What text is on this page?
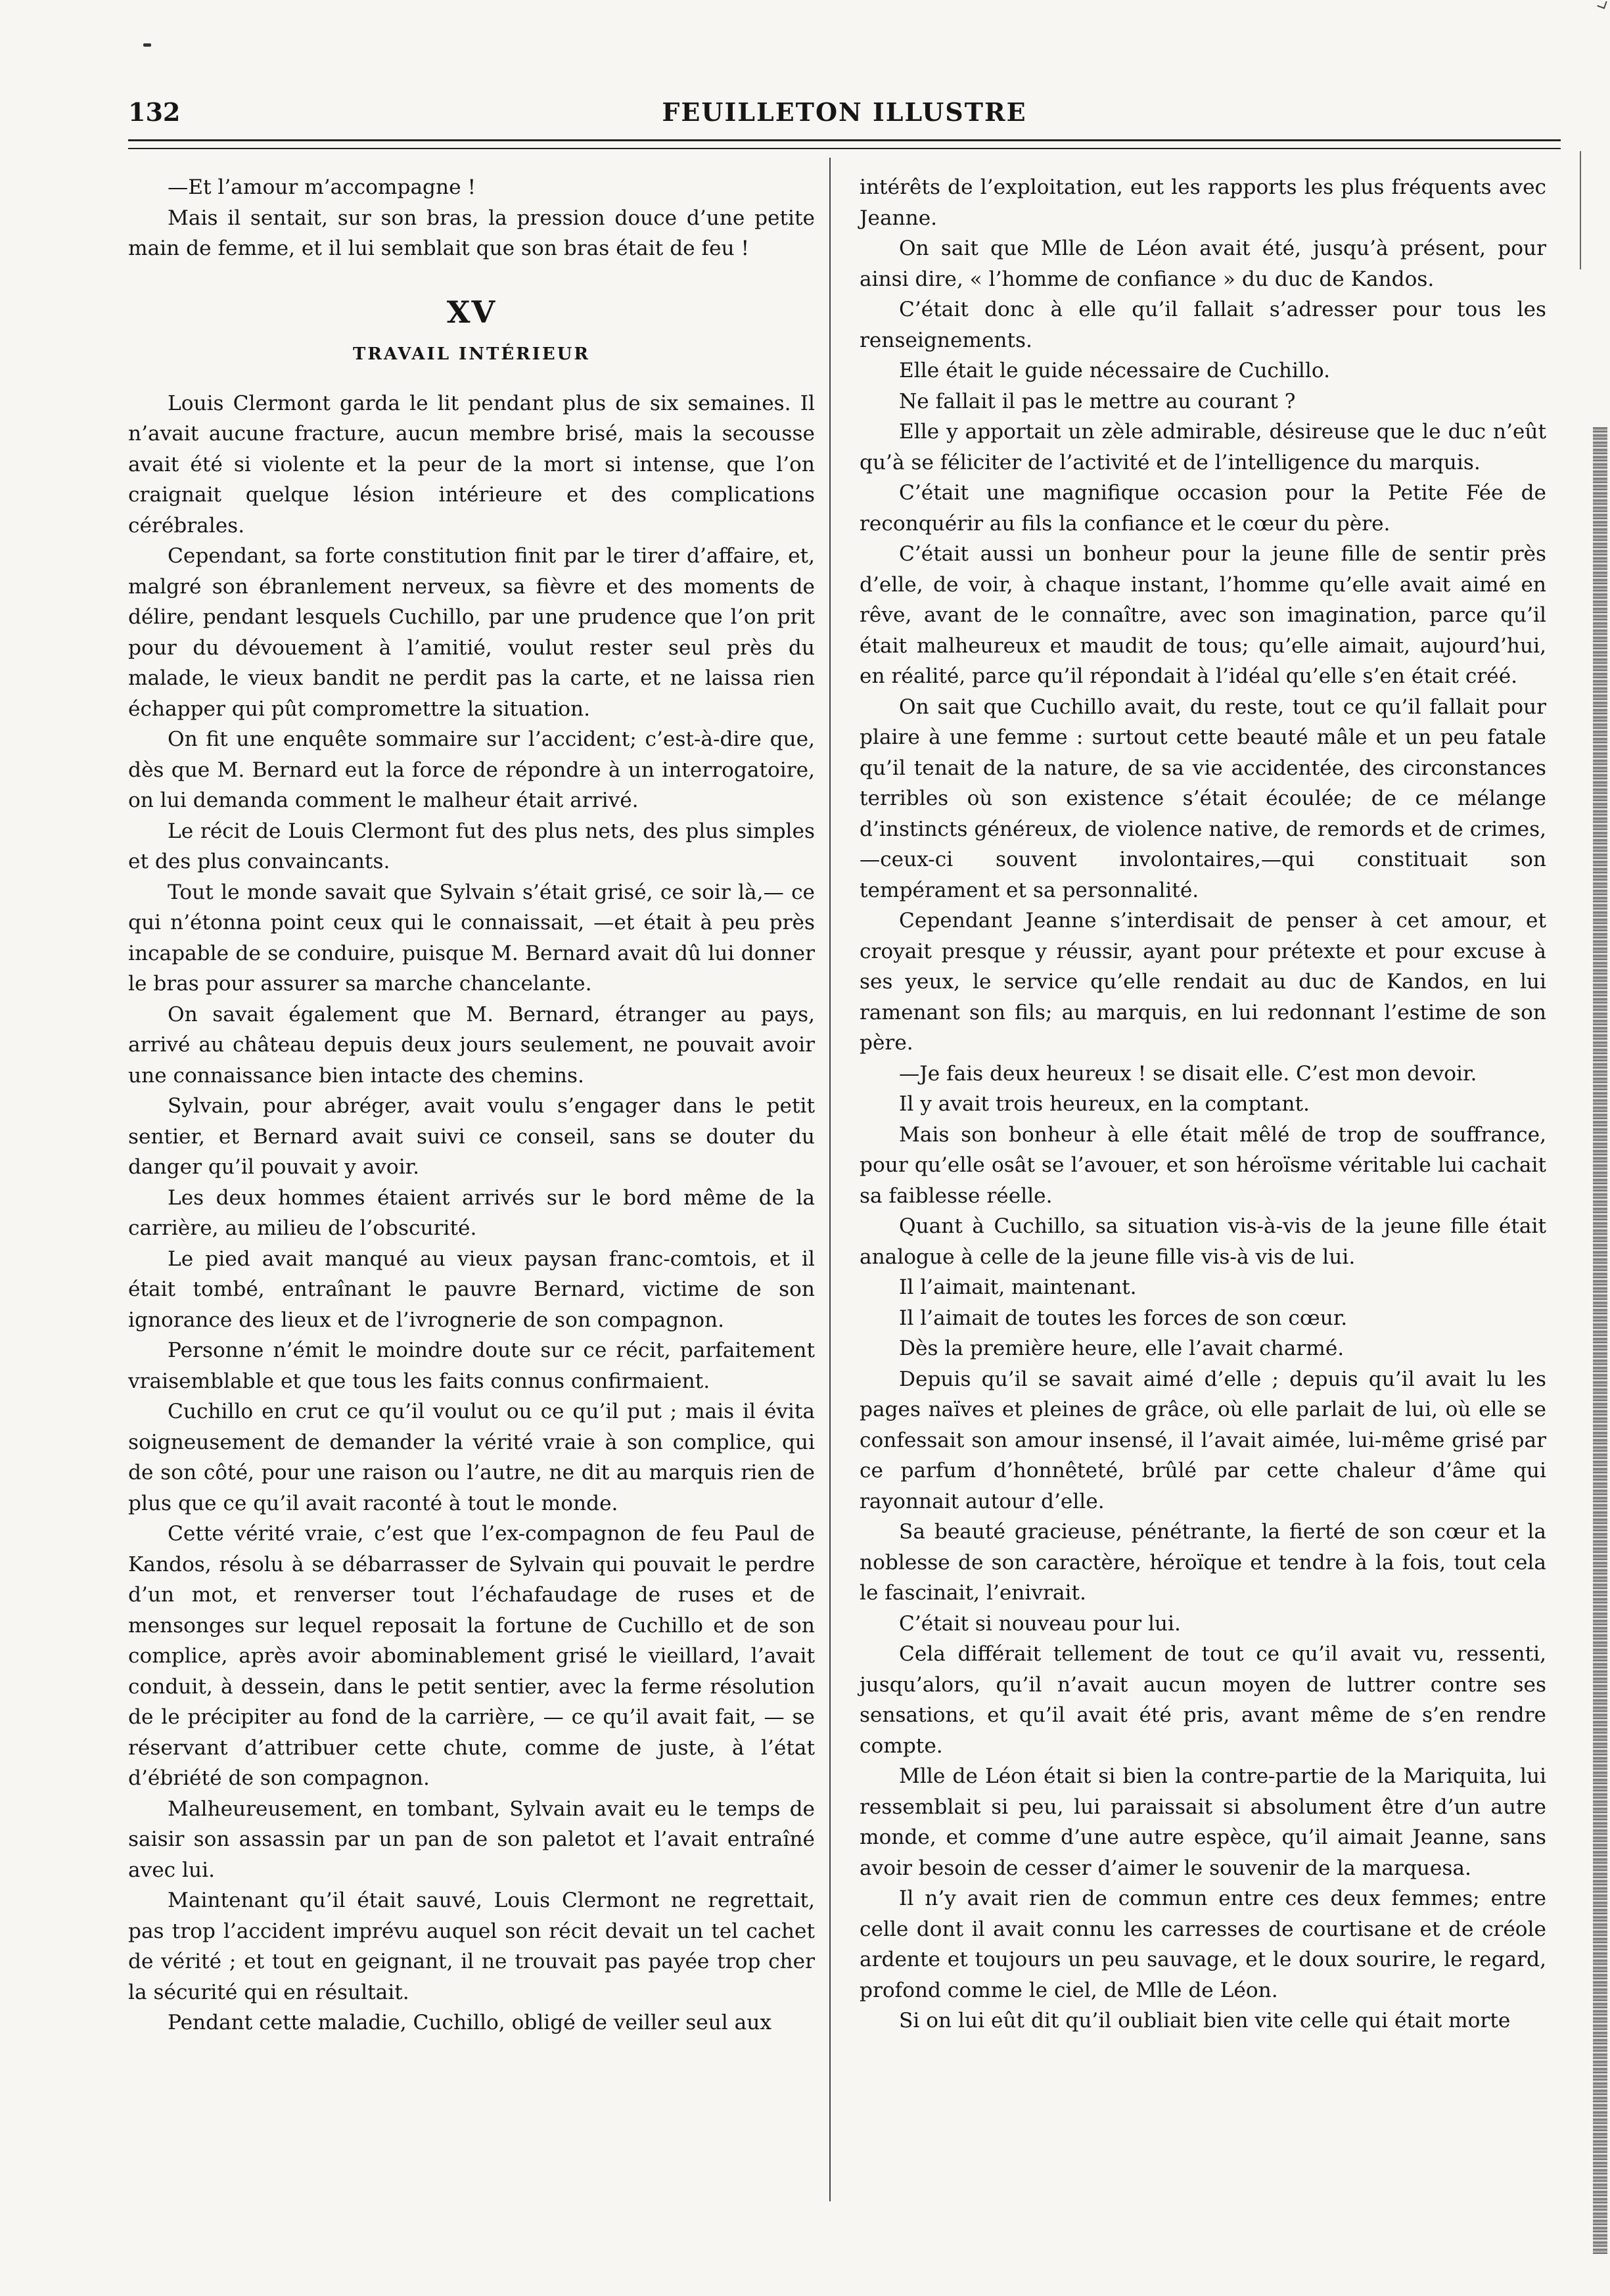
132	FEUILLETON ILLUSTRE

—Et l’amour m’accompagne !

Mais il sentait, sur son bras, la pression douce d’une petite main de femme, et il lui semblait que son bras était de feu !

XV
TRAVAIL INTÉRIEUR

Louis Clermont garda le lit pendant plus de six semaines. Il n’avait aucune fracture, aucun membre brisé, mais la secousse avait été si violente et la peur de la mort si intense, que l’on craignait quelque lésion intérieure et des complications cérébrales.

Cependant, sa forte constitution finit par le tirer d’affaire, et, malgré son ébranlement nerveux, sa fièvre et des moments de délire, pendant lesquels Cuchillo, par une prudence que l’on prit pour du dévouement à l’amitié, voulut rester seul près du malade, le vieux bandit ne perdit pas la carte, et ne laissa rien échapper qui pût compromettre la situation.

On fit une enquête sommaire sur l’accident; c’est-à-dire que, dès que M. Bernard eut la force de répondre à un interrogatoire, on lui demanda comment le malheur était arrivé.

Le récit de Louis Clermont fut des plus nets, des plus simples et des plus convaincants.

Tout le monde savait que Sylvain s’était grisé, ce soir là,— ce qui n’étonna point ceux qui le connaissait, —et était à peu près incapable de se conduire, puisque M. Bernard avait dû lui donner le bras pour assurer sa marche chancelante.

On savait également que M. Bernard, étranger au pays, arrivé au château depuis deux jours seulement, ne pouvait avoir une connaissance bien intacte des chemins.

Sylvain, pour abréger, avait voulu s’engager dans le petit sentier, et Bernard avait suivi ce conseil, sans se douter du danger qu’il pouvait y avoir.

Les deux hommes étaient arrivés sur le bord même de la carrière, au milieu de l’obscurité.

Le pied avait manqué au vieux paysan franc-comtois, et il était tombé, entraînant le pauvre Bernard, victime de son ignorance des lieux et de l’ivrognerie de son compagnon.

Personne n’émit le moindre doute sur ce récit, parfaitement vraisemblable et que tous les faits connus confirmaient.

Cuchillo en crut ce qu’il voulut ou ce qu’il put ; mais il évita soigneusement de demander la vérité vraie à son complice, qui de son côté, pour une raison ou l’autre, ne dit au marquis rien de plus que ce qu’il avait raconté à tout le monde.

Cette vérité vraie, c’est que l’ex-compagnon de feu Paul de Kandos, résolu à se débarrasser de Sylvain qui pouvait le perdre d’un mot, et renverser tout l’échafaudage de ruses et de mensonges sur lequel reposait la fortune de Cuchillo et de son complice, après avoir abominablement grisé le vieillard, l’avait conduit, à dessein, dans le petit sentier, avec la ferme résolution de le précipiter au fond de la carrière, — ce qu’il avait fait, — se réservant d’attribuer cette chute, comme de juste, à l’état d’ébriété de son compagnon.

Malheureusement, en tombant, Sylvain avait eu le temps de saisir son assassin par un pan de son paletot et l’avait entraîné avec lui.

Maintenant qu’il était sauvé, Louis Clermont ne regrettait, pas trop l’accident imprévu auquel son récit devait un tel cachet de vérité ; et tout en geignant, il ne trouvait pas payée trop cher la sécurité qui en résultait.

Pendant cette maladie, Cuchillo, obligé de veiller seul aux

intérêts de l’exploitation, eut les rapports les plus fréquents avec Jeanne.

On sait que Mlle de Léon avait été, jusqu’à présent, pour ainsi dire, « l’homme de confiance » du duc de Kandos.

C’était donc à elle qu’il fallait s’adresser pour tous les renseignements.

Elle était le guide nécessaire de Cuchillo.

Ne fallait il pas le mettre au courant ?

Elle y apportait un zèle admirable, désireuse que le duc n’eût qu’à se féliciter de l’activité et de l’intelligence du marquis.

C’était une magnifique occasion pour la Petite Fée de reconquérir au fils la confiance et le cœur du père.

C’était aussi un bonheur pour la jeune fille de sentir près d’elle, de voir, à chaque instant, l’homme qu’elle avait aimé en rêve, avant de le connaître, avec son imagination, parce qu’il était malheureux et maudit de tous; qu’elle aimait, aujourd’hui, en réalité, parce qu’il répondait à l’idéal qu’elle s’en était créé.

On sait que Cuchillo avait, du reste, tout ce qu’il fallait pour plaire à une femme : surtout cette beauté mâle et un peu fatale qu’il tenait de la nature, de sa vie accidentée, des circonstances terribles où son existence s’était écoulée; de ce mélange d’instincts généreux, de violence native, de remords et de crimes, —ceux-ci souvent involontaires,—qui constituait son tempérament et sa personnalité.

Cependant Jeanne s’interdisait de penser à cet amour, et croyait presque y réussir, ayant pour prétexte et pour excuse à ses yeux, le service qu’elle rendait au duc de Kandos, en lui ramenant son fils; au marquis, en lui redonnant l’estime de son père.

—Je fais deux heureux ! se disait elle. C’est mon devoir.

Il y avait trois heureux, en la comptant.

Mais son bonheur à elle était mêlé de trop de souffrance, pour qu’elle osât se l’avouer, et son héroïsme véritable lui cachait sa faiblesse réelle.

Quant à Cuchillo, sa situation vis-à-vis de la jeune fille était analogue à celle de la jeune fille vis-à vis de lui.

Il l’aimait, maintenant.

Il l’aimait de toutes les forces de son cœur.

Dès la première heure, elle l’avait charmé.

Depuis qu’il se savait aimé d’elle ; depuis qu’il avait lu les pages naïves et pleines de grâce, où elle parlait de lui, où elle se confessait son amour insensé, il l’avait aimée, lui-même grisé par ce parfum d’honnêteté, brûlé par cette chaleur d’âme qui rayonnait autour d’elle.

Sa beauté gracieuse, pénétrante, la fierté de son cœur et la noblesse de son caractère, héroïque et tendre à la fois, tout cela le fascinait, l’enivrait.

C’était si nouveau pour lui.

Cela différait tellement de tout ce qu’il avait vu, ressenti, jusqu’alors, qu’il n’avait aucun moyen de luttrer contre ses sensations, et qu’il avait été pris, avant même de s’en rendre compte.

Mlle de Léon était si bien la contre-partie de la Mariquita, lui ressemblait si peu, lui paraissait si absolument être d’un autre monde, et comme d’une autre espèce, qu’il aimait Jeanne, sans avoir besoin de cesser d’aimer le souvenir de la marquesa.

Il n’y avait rien de commun entre ces deux femmes; entre celle dont il avait connu les carresses de courtisane et de créole ardente et toujours un peu sauvage, et le doux sourire, le regard, profond comme le ciel, de Mlle de Léon.

Si on lui eût dit qu’il oubliait bien vite celle qui était morte
